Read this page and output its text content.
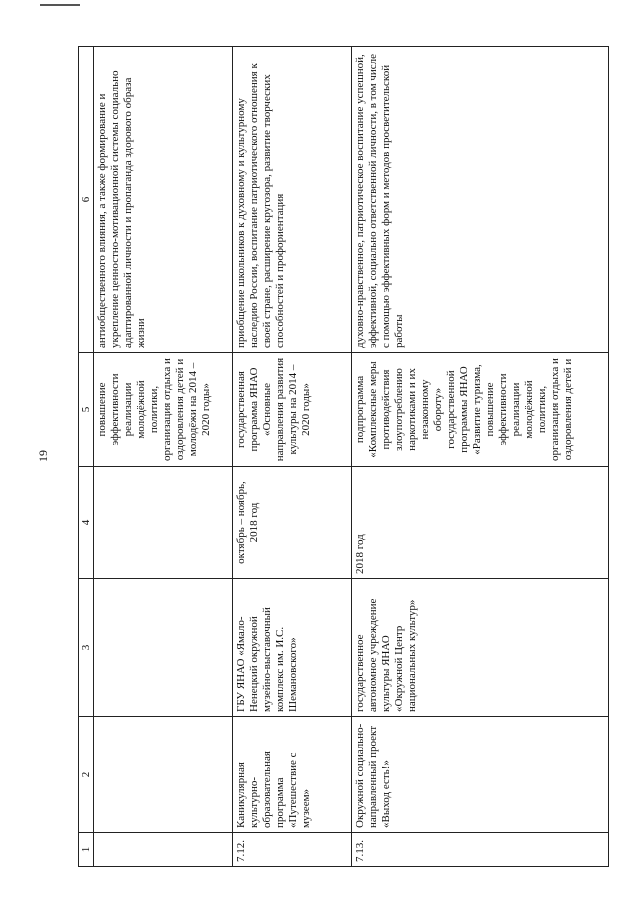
19
1	2	3	4	5	6
				повышение эффективности реализации молодёжной политики, организация отдыха и оздоровления детей и молодёжи на 2014 – 2020 годы»	антиобщественного влияния, а также формирование и укрепление ценностно-мотивационной системы социально адаптированной личности и пропаганда здорового образа жизни
7.12.	Каникулярная культурно-образовательная программа «Путешествие с музеем»	ГБУ ЯНАО «Ямало-Ненецкий окружной музейно-выставочный комплекс им. И.С. Шемановского»	октябрь – ноябрь, 2018 год	государственная программа ЯНАО «Основные направления развития культуры на 2014 – 2020 годы»	приобщение школьников к духовному и культурному наследию России, воспитание патриотического отношения к своей стране, расширение кругозора, развитие творческих способностей и профориентация
7.13.	Окружной социально-направленный проект «Выход есть!»	государственное автономное учреждение культуры ЯНАО «Окружной Центр национальных культур»	2018 год	подпрограмма «Комплексные меры противодействия злоупотреблению наркотиками и их незаконному обороту» государственной программы ЯНАО «Развитие туризма, повышение эффективности реализации молодёжной политики, организация отдыха и оздоровления детей и	духовно-нравственное, патриотическое воспитание успешной, эффективной, социально ответственной личности, в том числе с помощью эффективных форм и методов просветительской работы
